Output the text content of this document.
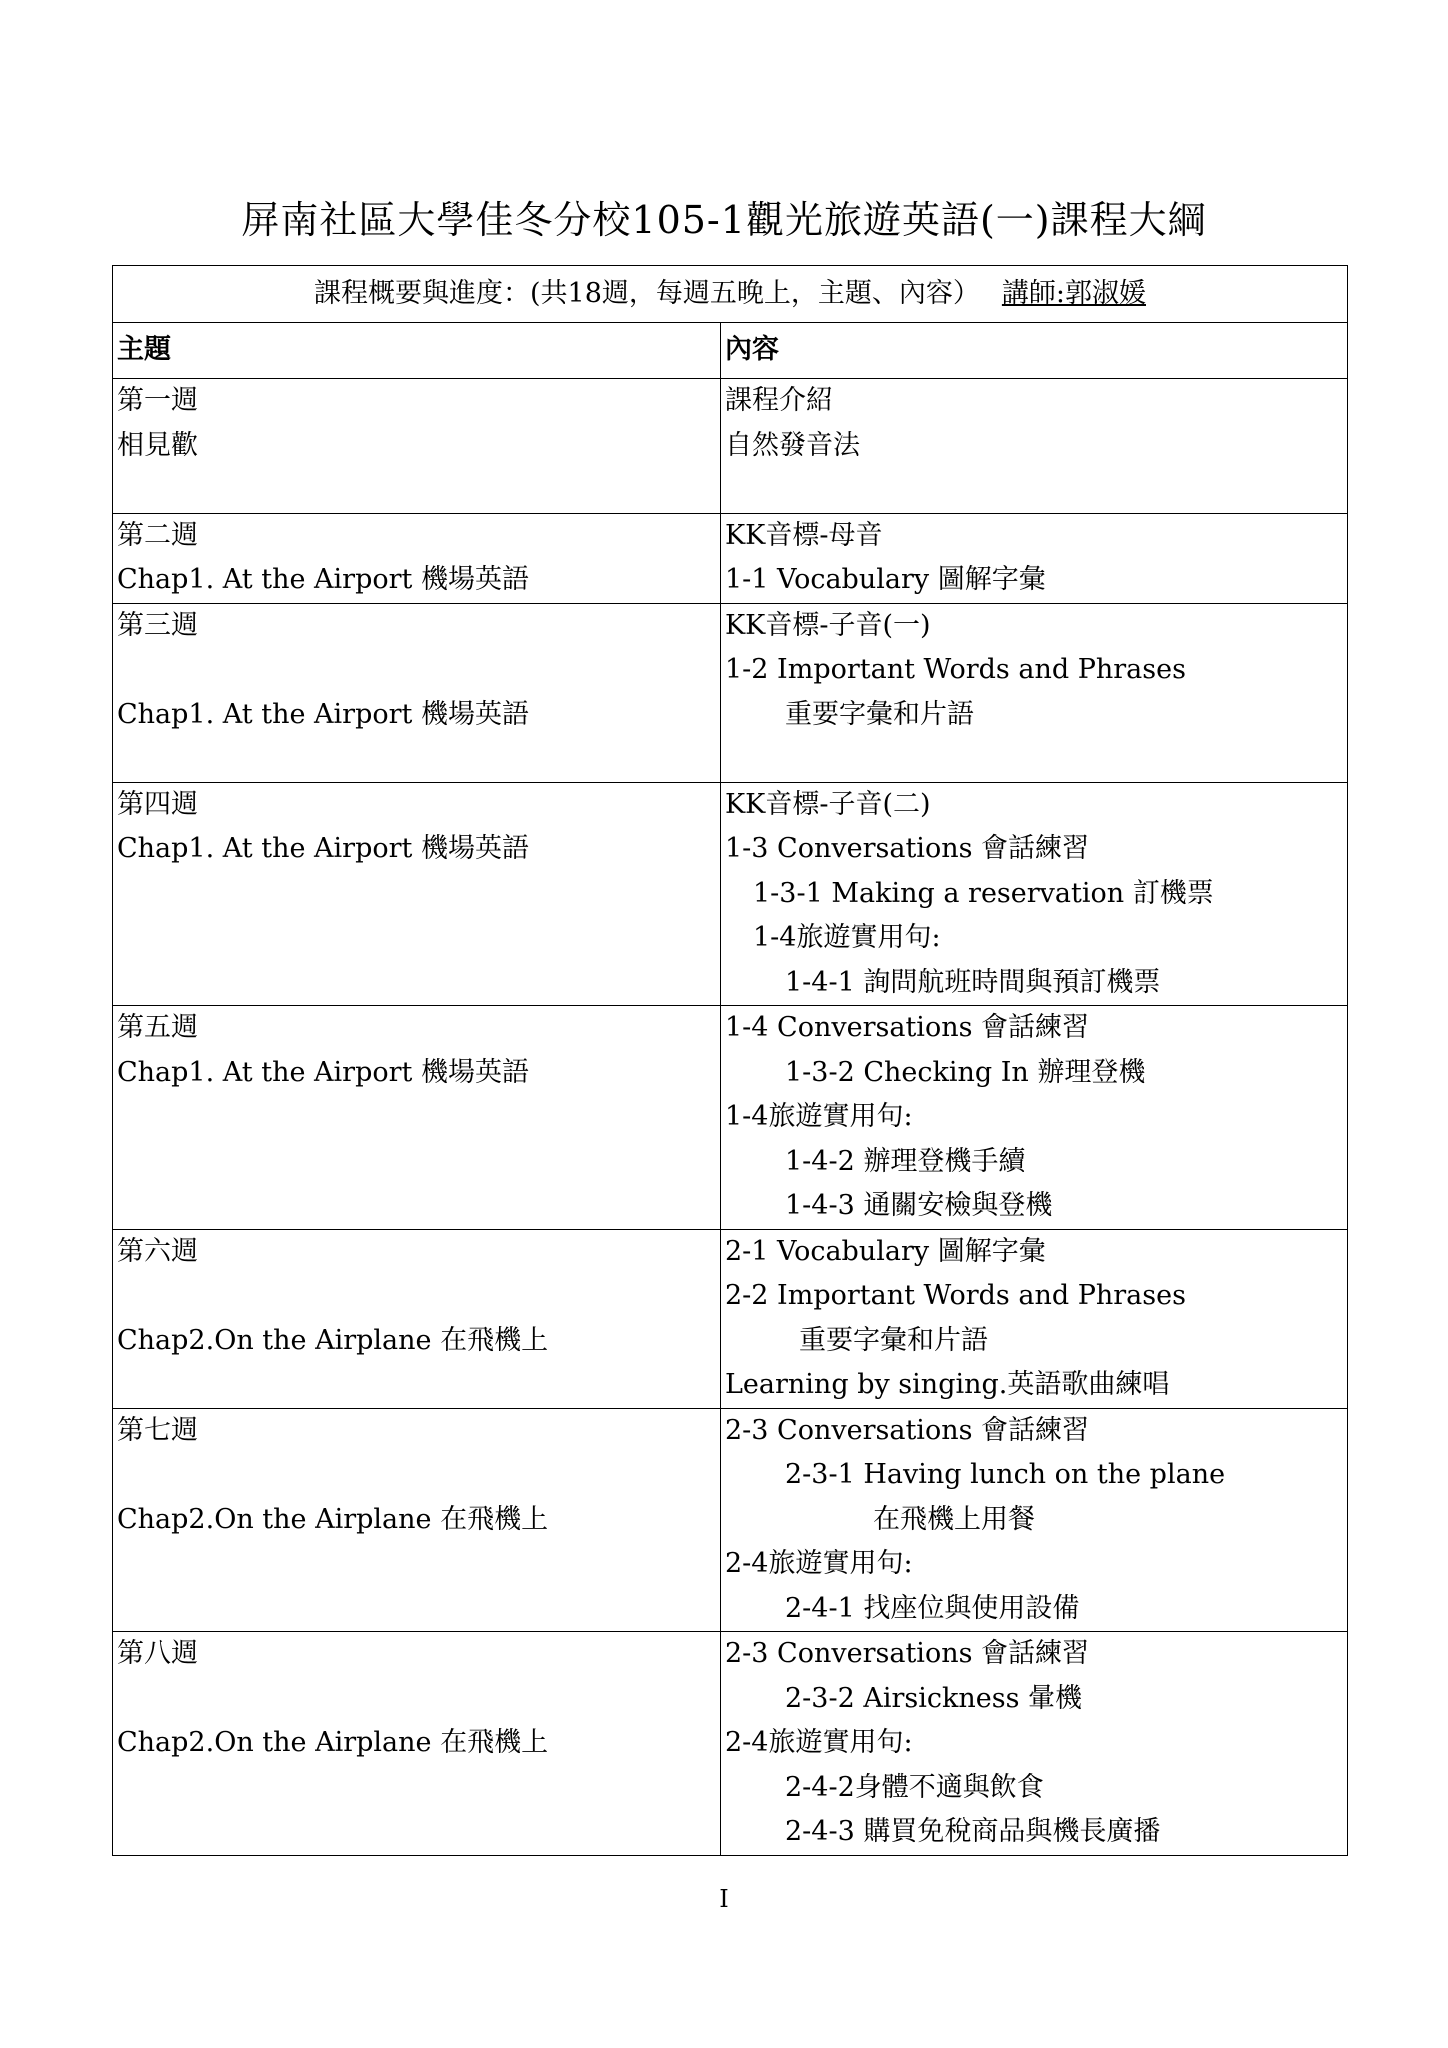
屏南社區大學佳冬分校105-1觀光旅遊英語(一)課程大綱
課程概要與進度：(共18週，每週五晚上，主題、內容） 講師:郭淑媛	
主題	內容

第一週
相見歡	課程介紹
自然發音法

第二週
Chap1. At the Airport 機場英語	KK音標-母音
1-1 Vocabulary 圖解字彙

第三週
Chap1. At the Airport 機場英語	KK音標-子音(一)
1-2 Important Words and Phrases
重要字彙和片語

第四週
Chap1. At the Airport 機場英語	KK音標-子音(二)
1-3 Conversations 會話練習
1-3-1 Making a reservation 訂機票
1-4旅遊實用句:
1-4-1 詢問航班時間與預訂機票

第五週
Chap1. At the Airport 機場英語	1-4 Conversations 會話練習
1-3-2 Checking In 辦理登機
1-4旅遊實用句:
1-4-2 辦理登機手續
1-4-3 通關安檢與登機

第六週
Chap2.On the Airplane 在飛機上	2-1 Vocabulary 圖解字彙
2-2 Important Words and Phrases
重要字彙和片語
Learning by singing.英語歌曲練唱

第七週
Chap2.On the Airplane 在飛機上	2-3 Conversations 會話練習
2-3-1 Having lunch on the plane
在飛機上用餐
2-4旅遊實用句:
2-4-1 找座位與使用設備

第八週
Chap2.On the Airplane 在飛機上	2-3 Conversations 會話練習
2-3-2 Airsickness 暈機
2-4旅遊實用句:
2-4-2身體不適與飲食
2-4-3 購買免稅商品與機長廣播
I
